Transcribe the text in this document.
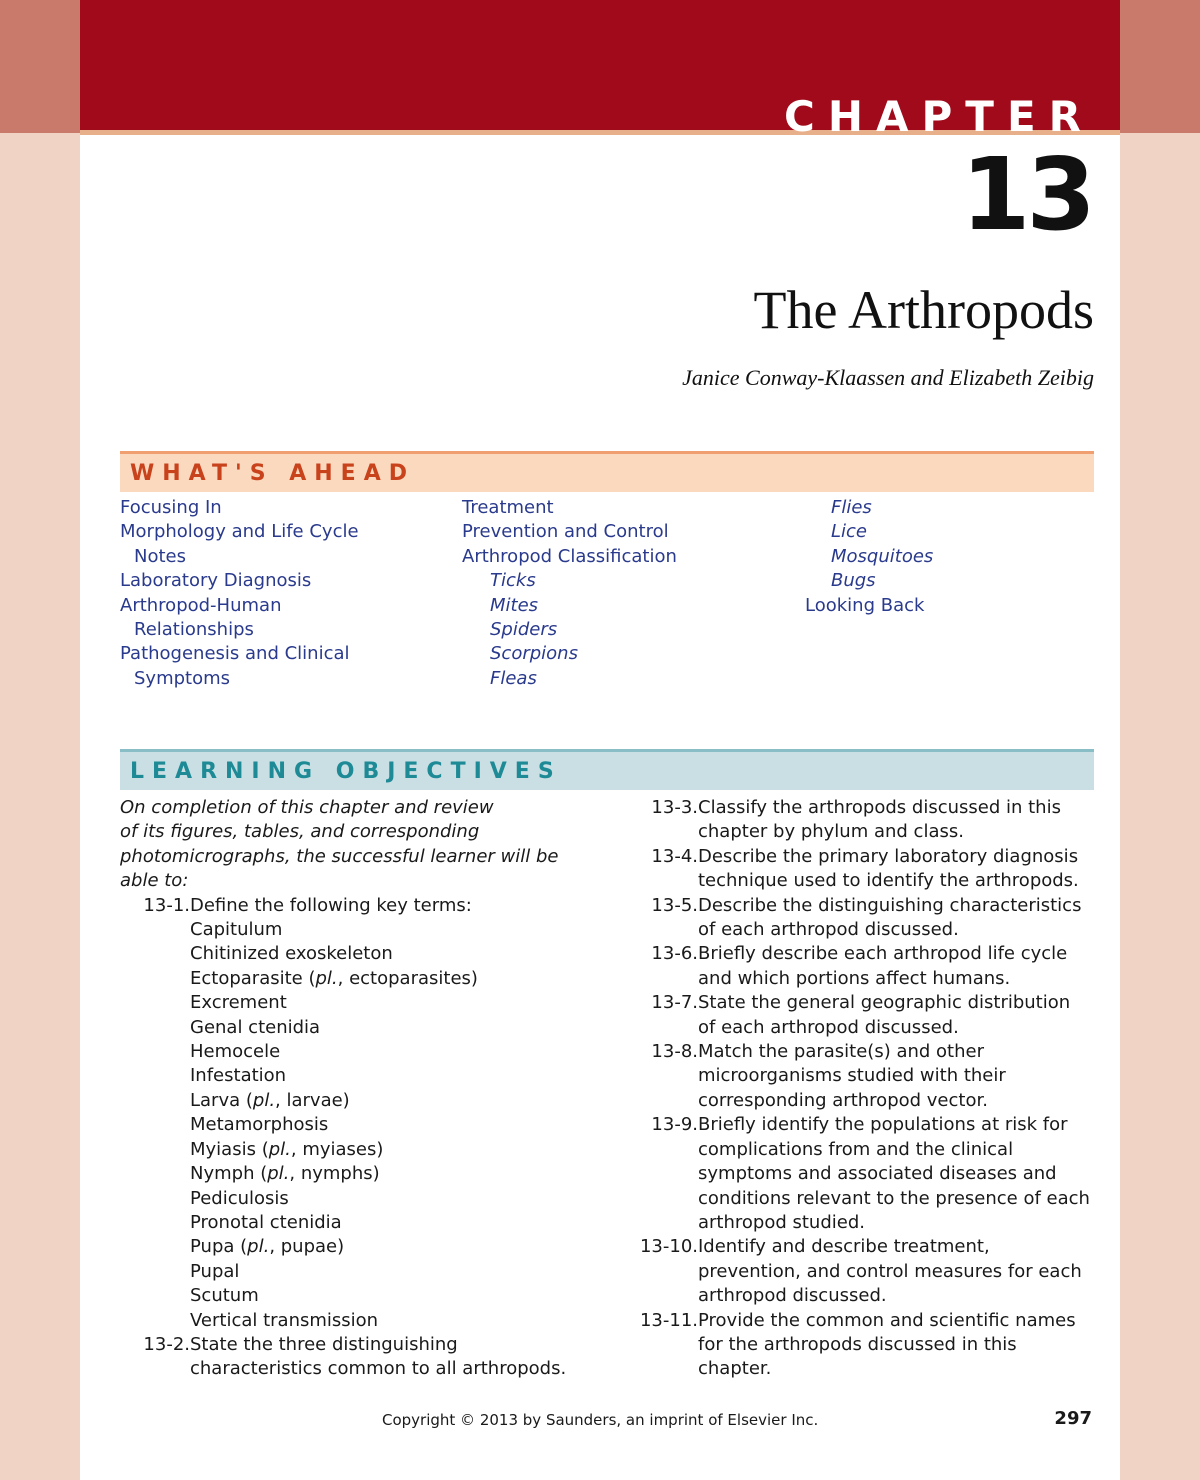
CHAPTER
13
The Arthropods
Janice Conway-Klaassen and Elizabeth Zeibig
WHAT'S AHEAD
Focusing In
Morphology and Life Cycle
Notes
Laboratory Diagnosis
Arthropod-Human
Relationships
Pathogenesis and Clinical
Symptoms
Treatment
Prevention and Control
Arthropod Classification
Ticks
Mites
Spiders
Scorpions
Fleas
Flies
Lice
Mosquitoes
Bugs
Looking Back
LEARNING OBJECTIVES
On completion of this chapter and review
of its figures, tables, and corresponding
photomicrographs, the successful learner will be
able to:
13-1. Define the following key terms:
Capitulum
Chitinized exoskeleton
Ectoparasite (pl., ectoparasites)
Excrement
Genal ctenidia
Hemocele
Infestation
Larva (pl., larvae)
Metamorphosis
Myiasis (pl., myiases)
Nymph (pl., nymphs)
Pediculosis
Pronotal ctenidia
Pupa (pl., pupae)
Pupal
Scutum
Vertical transmission
13-2. State the three distinguishing
characteristics common to all arthropods.
13-3. Classify the arthropods discussed in this
chapter by phylum and class.
13-4. Describe the primary laboratory diagnosis
technique used to identify the arthropods.
13-5. Describe the distinguishing characteristics
of each arthropod discussed.
13-6. Briefly describe each arthropod life cycle
and which portions affect humans.
13-7. State the general geographic distribution
of each arthropod discussed.
13-8. Match the parasite(s) and other
microorganisms studied with their
corresponding arthropod vector.
13-9. Briefly identify the populations at risk for
complications from and the clinical
symptoms and associated diseases and
conditions relevant to the presence of each
arthropod studied.
13-10. Identify and describe treatment,
prevention, and control measures for each
arthropod discussed.
13-11. Provide the common and scientific names
for the arthropods discussed in this
chapter.
Copyright © 2013 by Saunders, an imprint of Elsevier Inc.	297
